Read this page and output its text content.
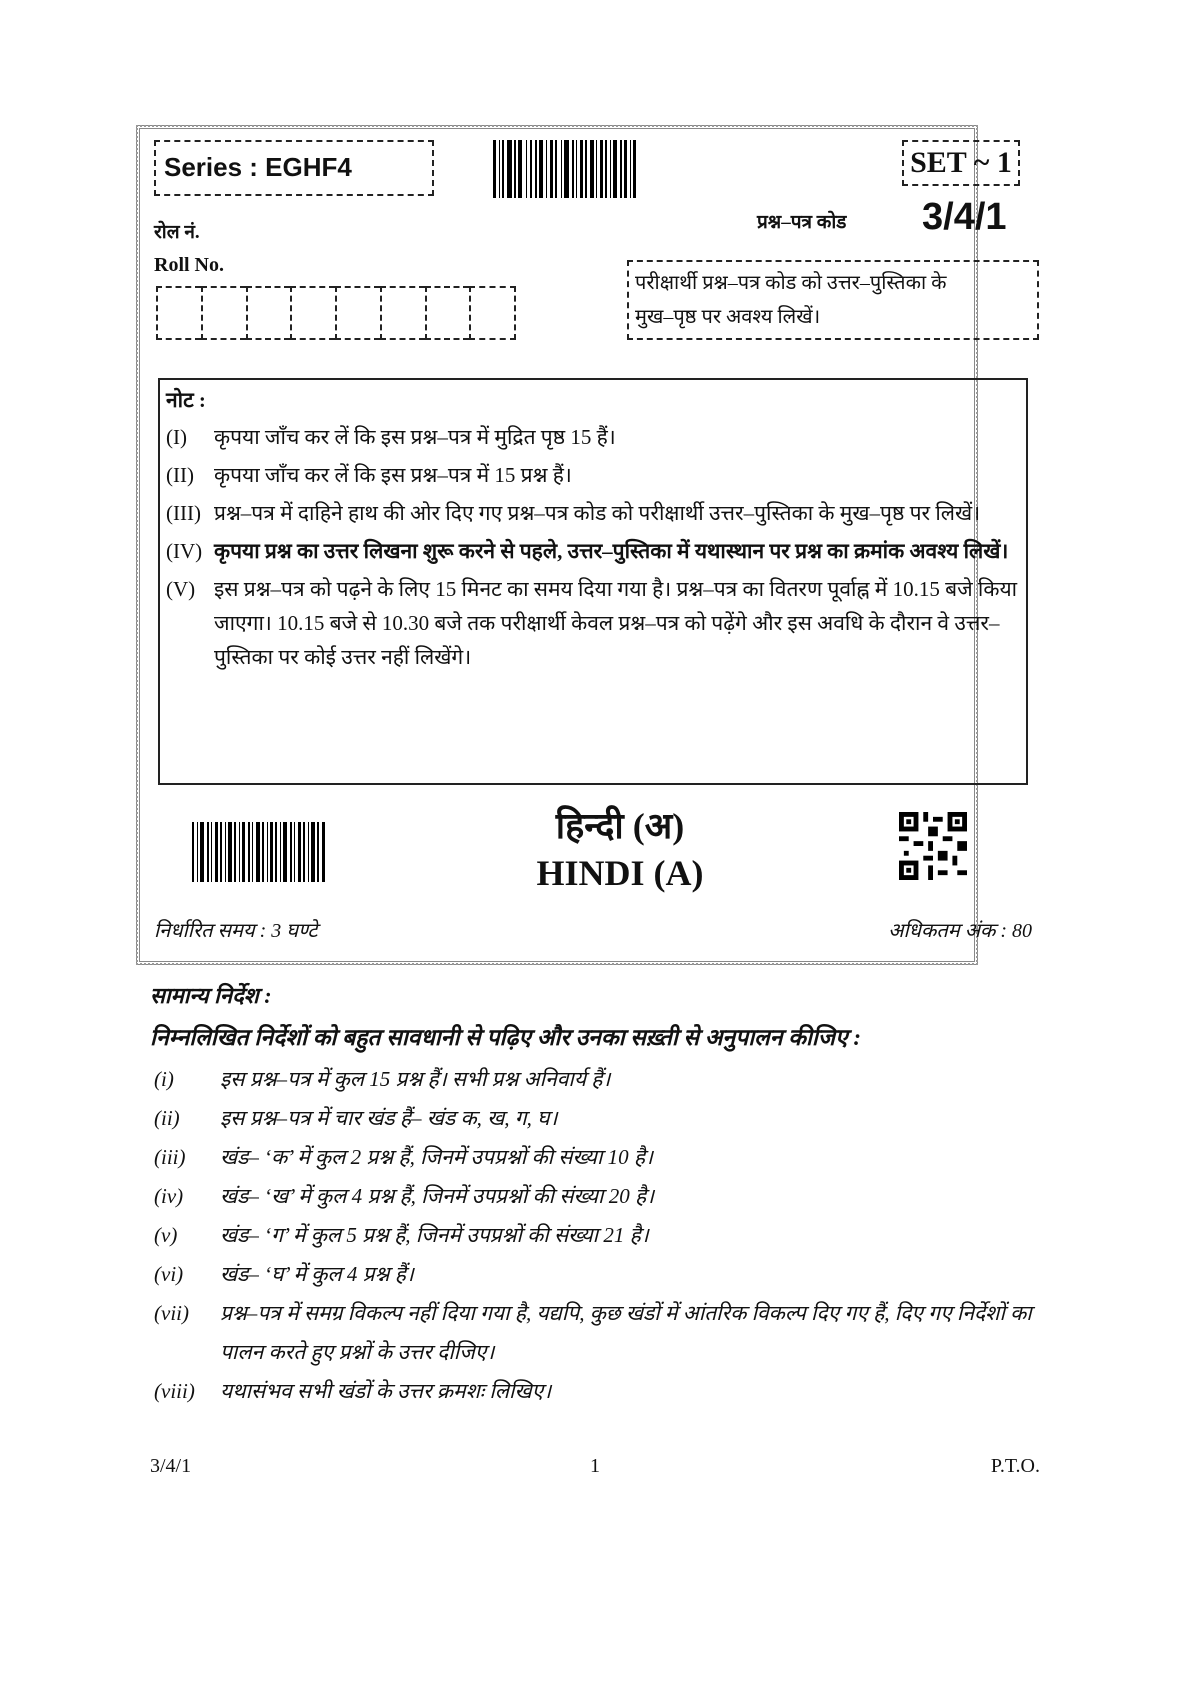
Series : EGHF4	SET ~ 1
प्रश्न–पत्र कोड 3/4/1
रोल नं.
Roll No.
परीक्षार्थी प्रश्न–पत्र कोड को उत्तर–पुस्तिका के
मुख–पृष्ठ पर अवश्य लिखें।
नोट :
(I)	कृपया जाँच कर लें कि इस प्रश्न–पत्र में मुद्रित पृष्ठ 15 हैं।
(II) कृपया जाँच कर लें कि इस प्रश्न–पत्र में 15 प्रश्न हैं।
(III) प्रश्न–पत्र में दाहिने हाथ की ओर दिए गए प्रश्न–पत्र कोड को परीक्षार्थी उत्तर–पुस्तिका के मुख–पृष्ठ पर लिखें।
(IV) कृपया प्रश्न का उत्तर लिखना शुरू करने से पहले, उत्तर–पुस्तिका में यथास्थान पर प्रश्न का क्रमांक अवश्य लिखें।
(V) इस प्रश्न–पत्र को पढ़ने के लिए 15 मिनट का समय दिया गया है। प्रश्न–पत्र का वितरण पूर्वाह्न में 10.15 बजे किया जाएगा। 10.15 बजे से 10.30 बजे तक परीक्षार्थी केवल प्रश्न–पत्र को पढ़ेंगे और इस अवधि के दौरान वे उत्तर–पुस्तिका पर कोई उत्तर नहीं लिखेंगे।
हिन्दी (अ)
HINDI (A)
निर्धारित समय : 3 घण्टे	अधिकतम अंक : 80
सामान्य निर्देश :
निम्नलिखित निर्देशों को बहुत सावधानी से पढ़िए और उनका सख़्ती से अनुपालन कीजिए :
(i)	इस प्रश्न–पत्र में कुल 15 प्रश्न हैं। सभी प्रश्न अनिवार्य हैं।
(ii)	इस प्रश्न–पत्र में चार खंड हैं– खंड क, ख, ग, घ।
(iii)	खंड– ‘क’ में कुल 2 प्रश्न हैं, जिनमें उपप्रश्नों की संख्या 10 है।
(iv)	खंड– ‘ख’ में कुल 4 प्रश्न हैं, जिनमें उपप्रश्नों की संख्या 20 है।
(v)	खंड– ‘ग’ में कुल 5 प्रश्न हैं, जिनमें उपप्रश्नों की संख्या 21 है।
(vi)	खंड– ‘घ’ में कुल 4 प्रश्न हैं।
(vii)	प्रश्न–पत्र में समग्र विकल्प नहीं दिया गया है, यद्यपि, कुछ खंडों में आंतरिक विकल्प दिए गए हैं, दिए गए निर्देशों का पालन करते हुए प्रश्नों के उत्तर दीजिए।
(viii)	यथासंभव सभी खंडों के उत्तर क्रमशः लिखिए।
3/4/1	1	P.T.O.
